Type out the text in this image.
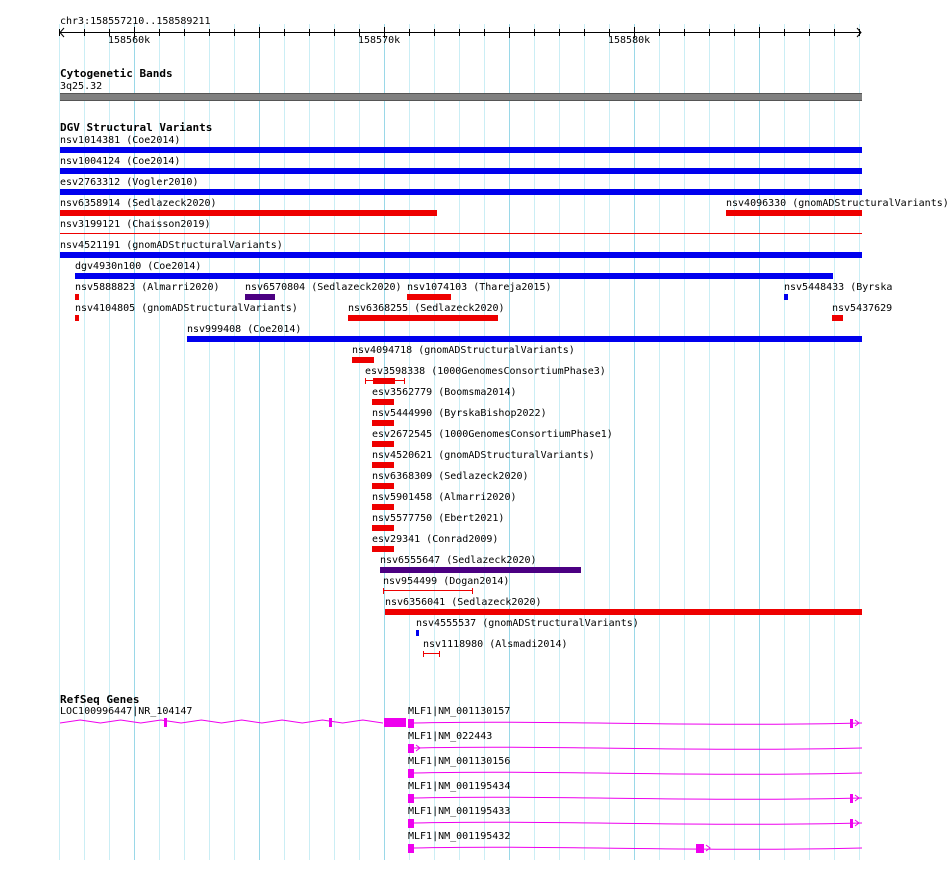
chr3:158557210..158589211
158560k	158570k	158580k
Cytogenetic Bands
3q25.32
DGV Structural Variants
nsv1014381 (Coe2014)
nsv1004124 (Coe2014)
esv2763312 (Vogler2010)
nsv6358914 (Sedlazeck2020)	nsv4096330 (gnomADStructuralVariants)
nsv3199121 (Chaisson2019)
nsv4521191 (gnomADStructuralVariants)
dgv4930n100 (Coe2014)
nsv5888823 (Almarri2020)	nsv6570804 (Sedlazeck2020) nsv1074103 (Thareja2015)	nsv5448433 (Byrska
nsv4104805 (gnomADStructuralVariants)	nsv6368255 (Sedlazeck2020)	nsv5437629
nsv999408 (Coe2014)
nsv4094718 (gnomADStructuralVariants)
esv3598338 (1000GenomesConsortiumPhase3)
esv3562779 (Boomsma2014)
nsv5444990 (ByrskaBishop2022)
esv2672545 (1000GenomesConsortiumPhase1)
nsv4520621 (gnomADStructuralVariants)
nsv6368309 (Sedlazeck2020)
nsv5901458 (Almarri2020)
nsv5577750 (Ebert2021)
esv29341 (Conrad2009)
nsv6555647 (Sedlazeck2020)
nsv954499 (Dogan2014)
nsv6356041 (Sedlazeck2020)
nsv4555537 (gnomADStructuralVariants)
nsv1118980 (Alsmadi2014)
RefSeq Genes
LOC100996447|NR_104147	MLF1|NM_001130157
MLF1|NM_022443
MLF1|NM_001130156
MLF1|NM_001195434
MLF1|NM_001195433
MLF1|NM_001195432
